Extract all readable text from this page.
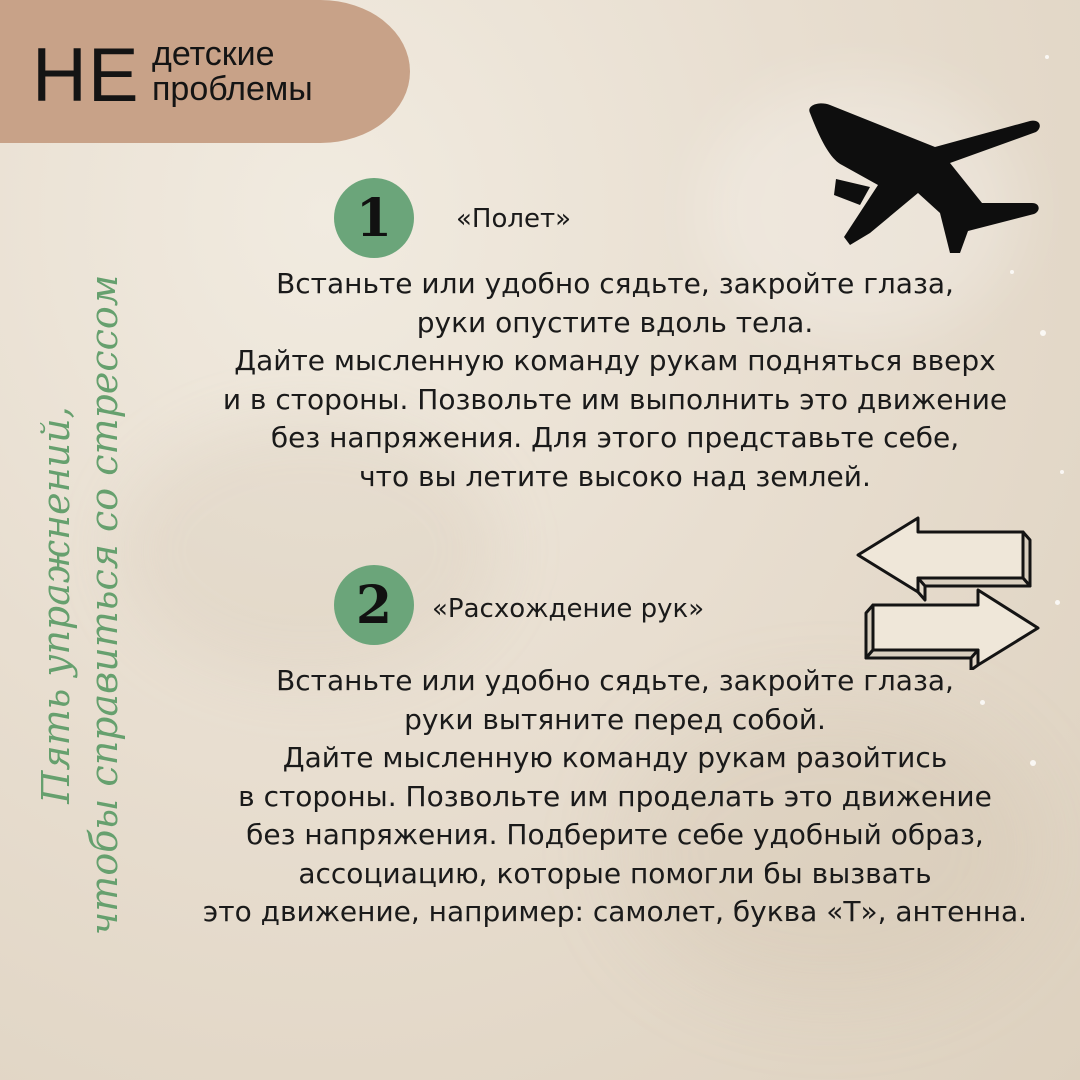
НЕ детские
проблемы
Пять упражнений, чтобы справиться со стрессом
1	«Полет»
Встаньте или удобно сядьте, закройте глаза,
руки опустите вдоль тела.
Дайте мысленную команду рукам подняться вверх
и в стороны. Позвольте им выполнить это движение
без напряжения. Для этого представьте себе,
что вы летите высоко над землей.
2	«Расхождение рук»
Встаньте или удобно сядьте, закройте глаза,
руки вытяните перед собой.
Дайте мысленную команду рукам разойтись
в стороны. Позвольте им проделать это движение
без напряжения. Подберите себе удобный образ,
ассоциацию, которые помогли бы вызвать
это движение, например: самолет, буква «Т», антенна.
